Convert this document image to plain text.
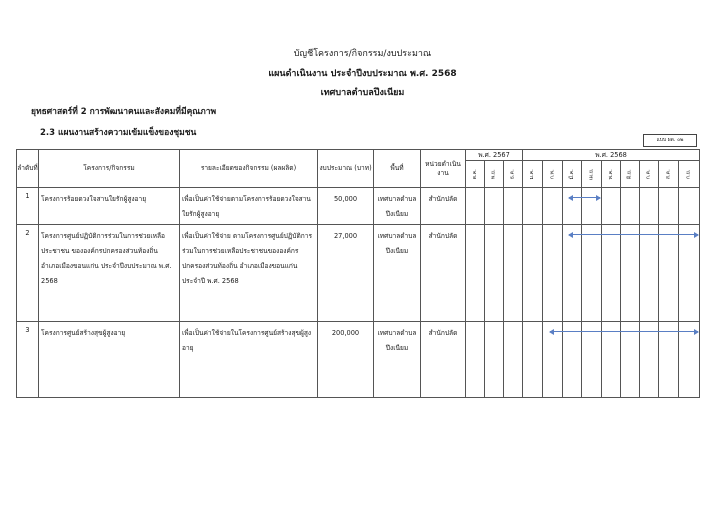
บัญชีโครงการ/กิจกรรม/งบประมาณ
แผนดำเนินงาน ประจำปีงบประมาณ พ.ศ. 2568
เทศบาลตำบลปึงเนียม
ยุทธศาสตร์ที่ 2 การพัฒนาคนและสังคมที่มีคุณภาพ
2.3 แผนงานสร้างความเข้มแข็งของชุมชน
แบบ ผด. ๐๒
ลำดับที่	โครงการ/กิจกรรม	รายละเอียดของกิจกรรม (ผลผลิต)	งบประมาณ (บาท)	พื้นที่	หน่วยดำเนินงาน	พ.ศ. 2567			พ.ศ. 2568								
						ต.ค.	พ.ย.	ธ.ค.	ม.ค.	ก.พ.	มี.ค.	เม.ย.	พ.ค.	มิ.ย.	ก.ค.	ส.ค.	ก.ย.
1	โครงการร้อยดวงใจสานใยรักผู้สูงอายุ	เพื่อเป็นค่าใช้จ่ายตามโครงการร้อยดวงใจสานใยรักผู้สูงอายุ	50,000	เทศบาลตำบลปึงเนียม	สำนักปลัด												
2	โครงการศูนย์ปฏิบัติการร่วมในการช่วยเหลือประชาชน ขององค์กรปกครองส่วนท้องถิ่น อำเภอเมืองขอนแก่น ประจำปีงบประมาณ พ.ศ. 2568	เพื่อเป็นค่าใช้จ่าย ตามโครงการศูนย์ปฏิบัติการร่วมในการช่วยเหลือประชาชนขององค์กรปกครองส่วนท้องถิ่น อำเภอเมืองขอนแก่น ประจำปี พ.ศ. 2568	27,000	เทศบาลตำบลปึงเนียม	สำนักปลัด												
3	โครงการศูนย์สร้างสุขผู้สูงอายุ	เพื่อเป็นค่าใช้จ่ายในโครงการศูนย์สร้างสุขผู้สูงอายุ	200,000	เทศบาลตำบลปึงเนียม	สำนักปลัด												
